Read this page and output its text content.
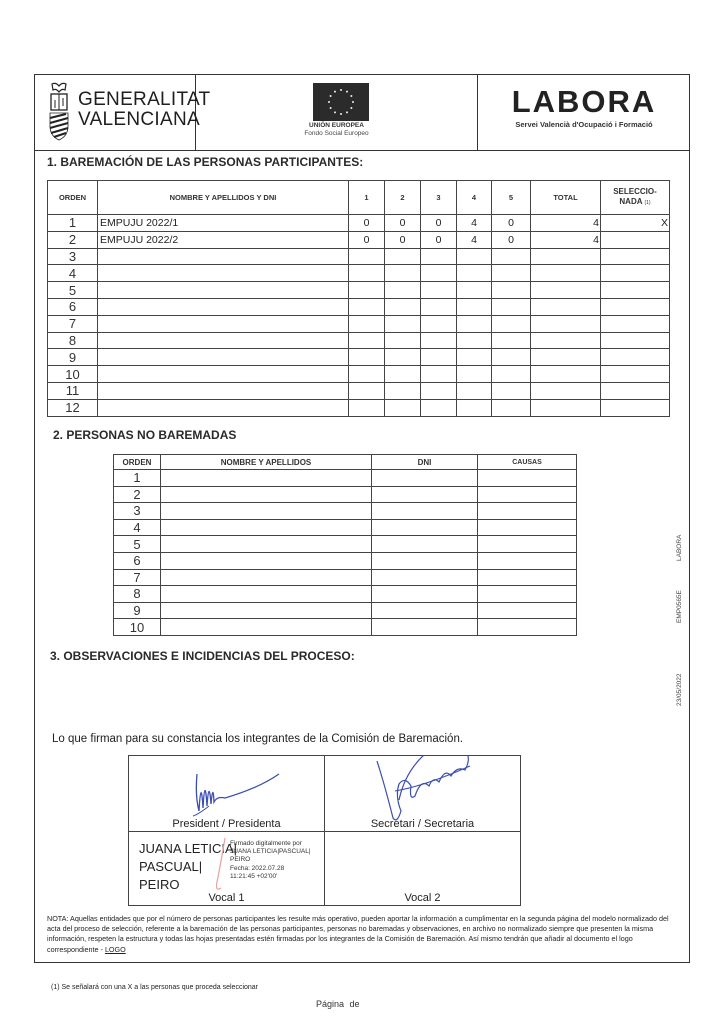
GENERALITAT
VALENCIANA	UNIÓN EUROPEA
Fondo Social Europeo
LABORA
Servei Valencià d'Ocupació i Formació
1. BAREMACIÓN DE LAS PERSONAS PARTICIPANTES:
ORDEN	NOMBRE Y APELLIDOS Y DNI	1	2	3	4	5	TOTAL	SELECCIO-
NADA (1)

1	EMPUJU 2022/1	0	0	0	4	0	4	X
2	EMPUJU 2022/2	0	0	0	4	0	4	
3								
4								
5								
6								
7								
8								
9								
10								
11								
12								
2. PERSONAS NO BAREMADAS
ORDEN	NOMBRE Y APELLIDOS	DNI	CAUSAS
1			
2			
3			
4			
5			
6			
7			
8			
9			
10			
3. OBSERVACIONES E INCIDENCIAS DEL PROCESO:
Lo que firman para su constancia los integrantes de la Comisión de Baremación.
President / Presidenta	Secretari / Secretaria

JUANA LETICIA|
PASCUAL|
PEIRO
Firmado digitalmente por
JUANA LETICIA|PASCUAL|
PEIRO
Fecha: 2022.07.28
11:21:45 +02'00'
Vocal 1	Vocal 2
NOTA: Aquellas entidades que por el número de personas participantes les resulte más operativo, pueden aportar la información a cumplimentar en la segunda página del modelo normalizado del acta del proceso de selección, referente a la baremación de las personas participantes, personas no baremadas y observaciones, en archivo no normalizado siempre que presenten la misma información, respeten la estructura y todas las hojas presentadas estén firmadas por los integrantes de la Comisión de Baremación. Así mismo tendrán que añadir al documento el logo correspondiente - LOGO
LABORA
EMP0565E
23/05/2022
(1) Se señalará con una X a las personas que proceda seleccionar
Página de
